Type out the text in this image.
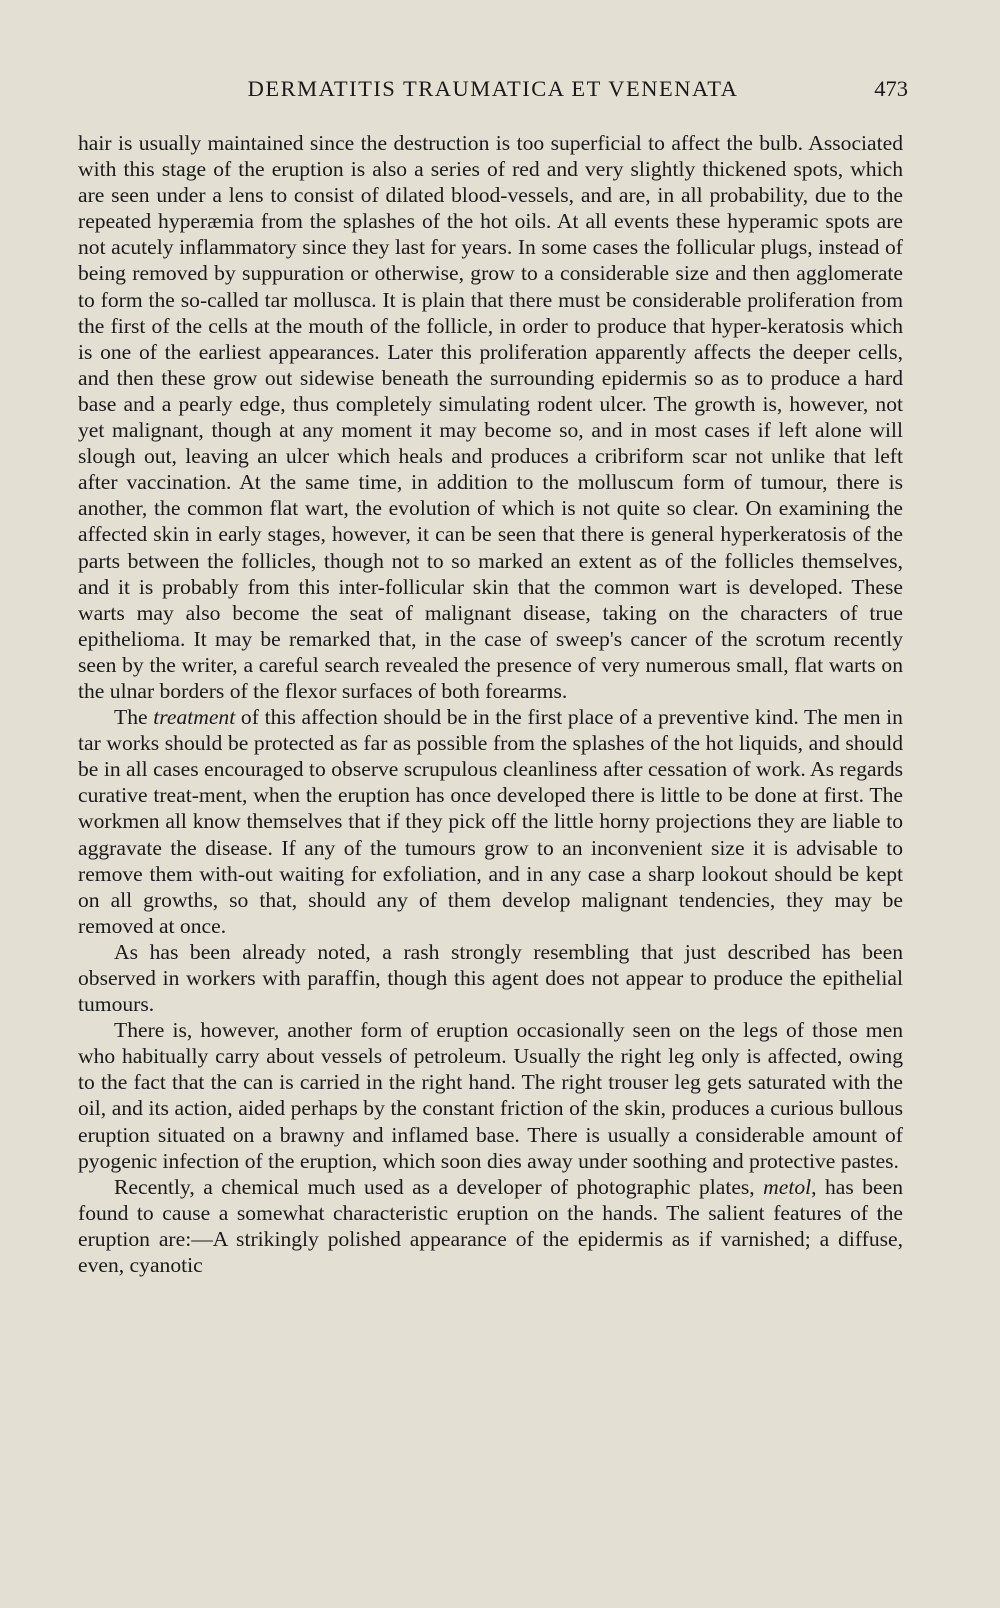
DERMATITIS TRAUMATICA ET VENENATA	473

hair is usually maintained since the destruction is too superficial to affect the bulb. Associated with this stage of the eruption is also a series of red and very slightly thickened spots, which are seen under a lens to consist of dilated blood-vessels, and are, in all probability, due to the repeated hyperæmia from the splashes of the hot oils. At all events these hyperamic spots are not acutely inflammatory since they last for years. In some cases the follicular plugs, instead of being removed by suppuration or otherwise, grow to a considerable size and then agglomerate to form the so-called tar mollusca. It is plain that there must be considerable proliferation from the first of the cells at the mouth of the follicle, in order to produce that hyper-keratosis which is one of the earliest appearances. Later this proliferation apparently affects the deeper cells, and then these grow out sidewise beneath the surrounding epidermis so as to produce a hard base and a pearly edge, thus completely simulating rodent ulcer. The growth is, however, not yet malignant, though at any moment it may become so, and in most cases if left alone will slough out, leaving an ulcer which heals and produces a cribriform scar not unlike that left after vaccination. At the same time, in addition to the molluscum form of tumour, there is another, the common flat wart, the evolution of which is not quite so clear. On examining the affected skin in early stages, however, it can be seen that there is general hyperkeratosis of the parts between the follicles, though not to so marked an extent as of the follicles themselves, and it is probably from this inter-follicular skin that the common wart is developed. These warts may also become the seat of malignant disease, taking on the characters of true epithelioma. It may be remarked that, in the case of sweep's cancer of the scrotum recently seen by the writer, a careful search revealed the presence of very numerous small, flat warts on the ulnar borders of the flexor surfaces of both forearms.

The treatment of this affection should be in the first place of a preventive kind. The men in tar works should be protected as far as possible from the splashes of the hot liquids, and should be in all cases encouraged to observe scrupulous cleanliness after cessation of work. As regards curative treat-ment, when the eruption has once developed there is little to be done at first. The workmen all know themselves that if they pick off the little horny projections they are liable to aggravate the disease. If any of the tumours grow to an inconvenient size it is advisable to remove them with-out waiting for exfoliation, and in any case a sharp lookout should be kept on all growths, so that, should any of them develop malignant tendencies, they may be removed at once.

As has been already noted, a rash strongly resembling that just described has been observed in workers with paraffin, though this agent does not appear to produce the epithelial tumours.

There is, however, another form of eruption occasionally seen on the legs of those men who habitually carry about vessels of petroleum. Usually the right leg only is affected, owing to the fact that the can is carried in the right hand. The right trouser leg gets saturated with the oil, and its action, aided perhaps by the constant friction of the skin, produces a curious bullous eruption situated on a brawny and inflamed base. There is usually a considerable amount of pyogenic infection of the eruption, which soon dies away under soothing and protective pastes.

Recently, a chemical much used as a developer of photographic plates, metol, has been found to cause a somewhat characteristic eruption on the hands. The salient features of the eruption are:—A strikingly polished appearance of the epidermis as if varnished; a diffuse, even, cyanotic
